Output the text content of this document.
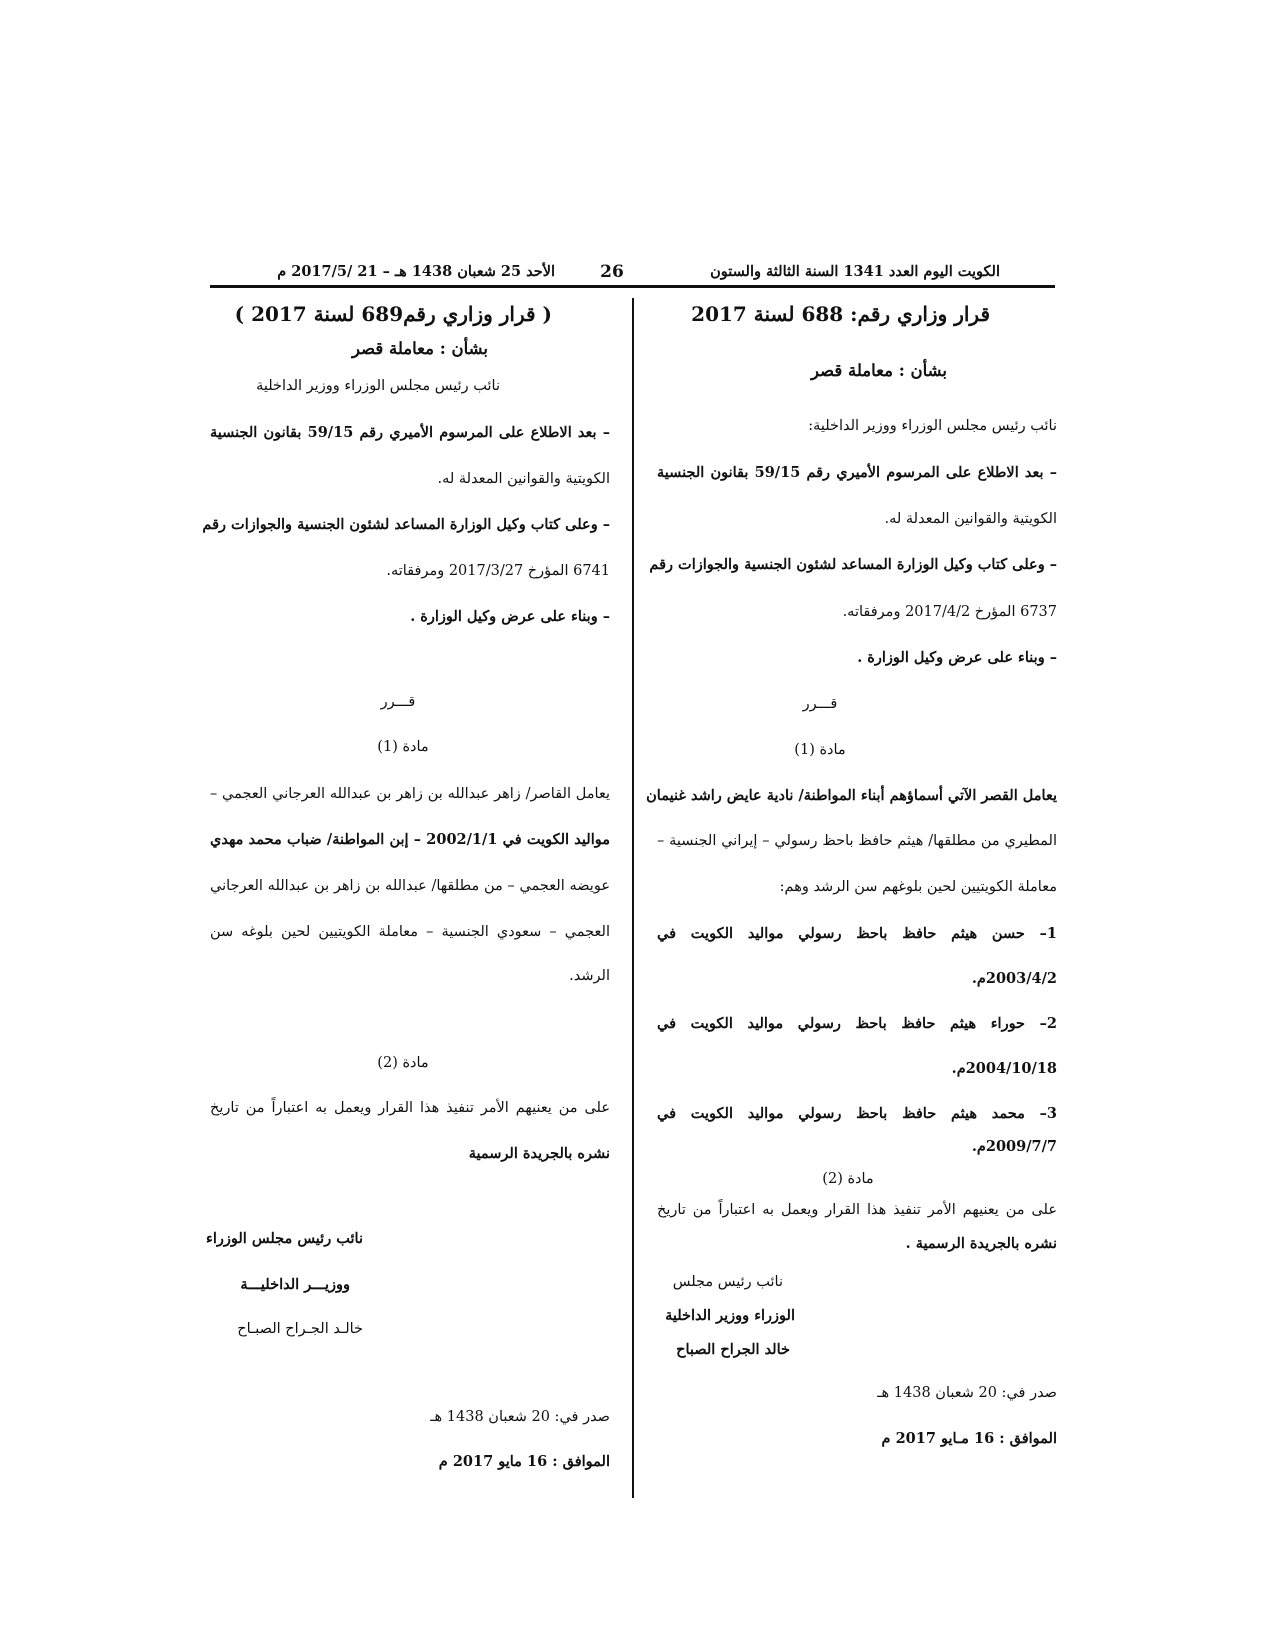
الكويت اليوم العدد 1341 السنة الثالثة والستون
26
الأحد 25 شعبان 1438 هـ – 21 /2017/5 م
قرار وزاري رقم: 688 لسنة 2017
بشأن : معاملة قصر
نائب رئيس مجلس الوزراء ووزير الداخلية:
– بعد الاطلاع على المرسوم الأميري رقم 59/15 بقانون الجنسية
الكويتية والقوانين المعدلة له.
– وعلى كتاب وكيل الوزارة المساعد لشئون الجنسية والجوازات رقم
6737 المؤرخ 2017/4/2 ومرفقاته.
– وبناء على عرض وكيل الوزارة .
قـــرر
مادة (1)
يعامل القصر الآتي أسماؤهم أبناء المواطنة/ نادية عايض راشد غنيمان
المطيري من مطلقها/ هيثم حافظ باحظ رسولي – إيراني الجنسية –
معاملة الكويتيين لحين بلوغهم سن الرشد وهم:
1– حسن هيثم حافظ باحظ رسولي مواليد الكويت في
2003/4/2م.
2– حوراء هيثم حافظ باحظ رسولي مواليد الكويت في
2004/10/18م.
3– محمد هيثم حافظ باحظ رسولي مواليد الكويت في
2009/7/7م.
مادة (2)
على من يعنيهم الأمر تنفيذ هذا القرار ويعمل به اعتباراً من تاريخ
نشره بالجريدة الرسمية .
نائب رئيس مجلس
الوزراء ووزير الداخلية
خالد الجراح الصباح
صدر في: 20 شعبان 1438 هـ
الموافق : 16 مـايو 2017 م
( قرار وزاري رقم689 لسنة 2017 )
بشأن : معاملة قصر
نائب رئيس مجلس الوزراء ووزير الداخلية
– بعد الاطلاع على المرسوم الأميري رقم 59/15 بقانون الجنسية
الكويتية والقوانين المعدلة له.
– وعلى كتاب وكيل الوزارة المساعد لشئون الجنسية والجوازات رقم
6741 المؤرخ 2017/3/27 ومرفقاته.
– وبناء على عرض وكيل الوزارة .
قـــرر
مادة (1)
يعامل القاصر/ زاهر عبدالله بن زاهر بن عبدالله العرجاني العجمي –
مواليد الكويت في 2002/1/1 – إبن المواطنة/ ضباب محمد مهدي
عويضه العجمي – من مطلقها/ عبدالله بن زاهر بن عبدالله العرجاني
العجمي – سعودي الجنسية – معاملة الكويتيين لحين بلوغه سن
الرشد.
مادة (2)
على من يعنيهم الأمر تنفيذ هذا القرار ويعمل به اعتباراً من تاريخ
نشره بالجريدة الرسمية
نائب رئيس مجلس الوزراء
ووزيـــر الداخليـــة
خالـد الجـراح الصبـاح
صدر في: 20 شعبان 1438 هـ
الموافق : 16 مايو 2017 م
